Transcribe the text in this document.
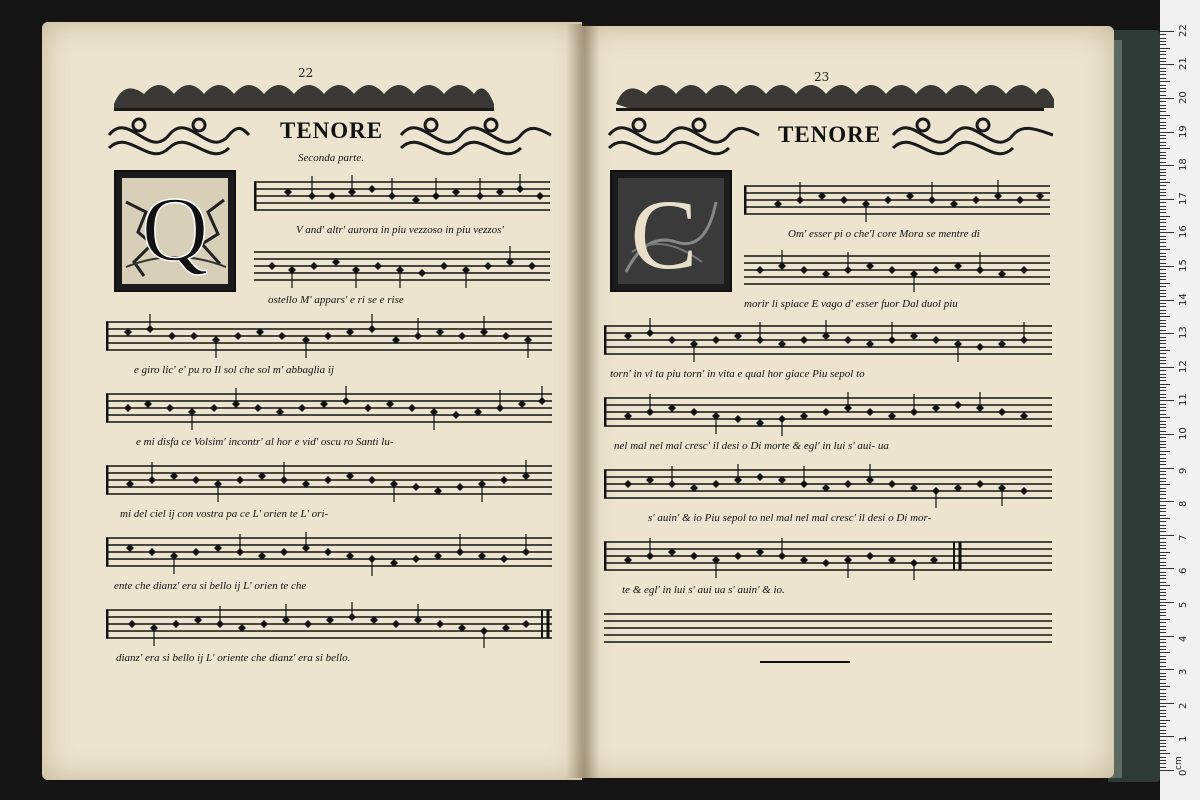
22
TENORE
Seconda parte.
Q	V and' altr' aurora in piu vezzoso in piu vezzos'
ostello M' appars' e ri se e rise
e giro lic' e' pu ro Il sol che sol m' abbaglia ij
e mi disfa ce Volsim' incontr' al hor e vid' oscu ro Santi lu-
mi del ciel ij con vostra pa ce L' orien te L' ori-
ente che dianz' era si bello ij L' orien te che
dianz' era si bello ij L' oriente che dianz' era si bello.
23
TENORE
C	Om' esser pi o che'l core Mora se mentre di
morir li spiace E vago d' esser fuor Dal duol piu
torn' in vi ta piu torn' in vita e qual hor giace Piu sepol to
nel mal nel mal cresc' il desi o Di morte & egl' in lui s' aui- ua
s' auin' & io Piu sepol to nel mal nel mal cresc' il desi o Di mor-
te & egl' in lui s' aui ua s' auin' & io.
0
1
2
3
4
5
6
7
8
9
10
11
12
13
14
15
16
17
18
19
20
21
22
cm
